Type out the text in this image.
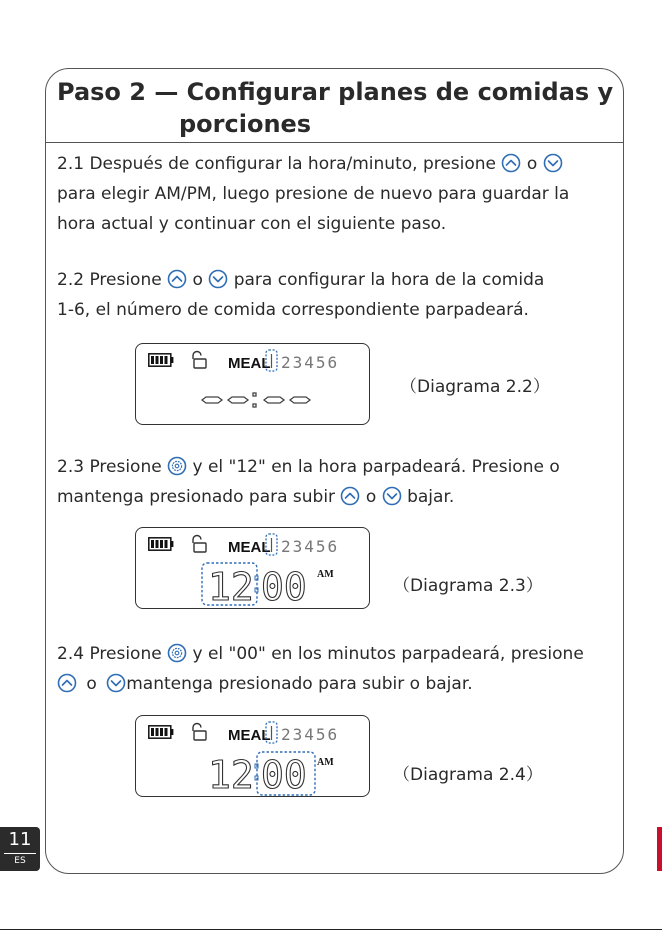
Paso 2 — Configurar planes de comidas y
porciones
2.1 Después de configurar la hora/minuto, presione o
para elegir AM/PM, luego presione de nuevo para guardar la
hora actual y continuar con el siguiente paso.
2.2 Presione o para configurar la hora de la comida
1-6, el número de comida correspondiente parpadeará.
MEAL 23456
（Diagrama 2.2）
2.3 Presione y el "12" en la hora parpadeará. Presione o
mantenga presionado para subir o bajar.
MEAL 23456
12 00 AM
（Diagrama 2.3）
2.4 Presione y el "00" en los minutos parpadeará, presione
o mantenga presionado para subir o bajar.
MEAL 23456
12 00 AM
（Diagrama 2.4）
11
ES
